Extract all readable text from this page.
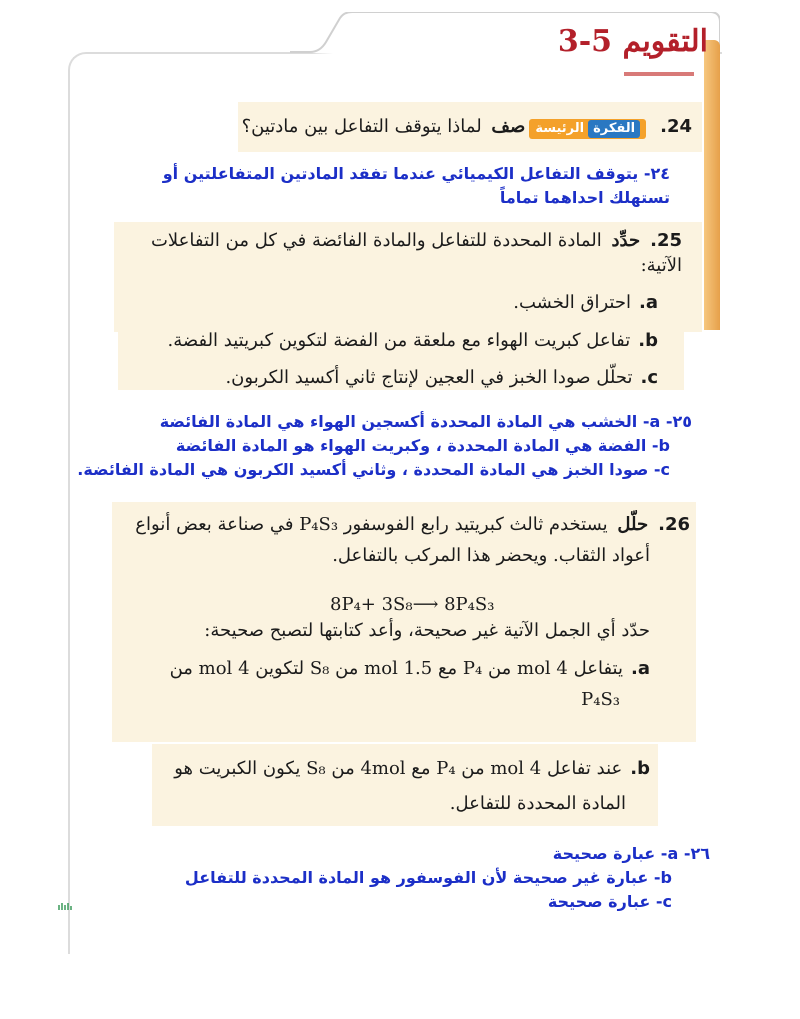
التقويم 5-3
24.الفكرةالرئيسةصف لماذا يتوقف التفاعل بين مادتين؟
٢٤- يتوقف التفاعل الكيميائي عندما تفقد المادتين المتفاعلتين أو
تستهلك احداهما تماماً
25.حدِّد المادة المحددة للتفاعل والمادة الفائضة في كل من التفاعلات الآتية:
a.احتراق الخشب.
b.تفاعل كبريت الهواء مع ملعقة من الفضة لتكوين كبريتيد الفضة.
c.تحلّل صودا الخبز في العجين لإنتاج ثاني أكسيد الكربون.
٢٥- a- الخشب هي المادة المحددة أكسجين الهواء هي المادة الفائضة
b- الفضة هي المادة المحددة ، وكبريت الهواء هو المادة الفائضة
c- صودا الخبز هي المادة المحددة ، وثاني أكسيد الكربون هي المادة الفائضة.
26.حلّل يستخدم ثالث كبريتيد رابع الفوسفور P₄S₃ في صناعة بعض أنواع
أعواد الثقاب. ويحضر هذا المركب بالتفاعل.
حدّد أي الجمل الآتية غير صحيحة، وأعد كتابتها لتصبح صحيحة:
a.يتفاعل 4 mol من P₄ مع 1.5 mol من S₈ لتكوين 4 mol من
P₄S₃
8P₄+ 3S₈⟶ 8P₄S₃
b.عند تفاعل 4 mol من P₄ مع 4mol من S₈ يكون الكبريت هو
المادة المحددة للتفاعل.
٢٦- a- عبارة صحيحة
b- عبارة غير صحيحة لأن الفوسفور هو المادة المحددة للتفاعل
c- عبارة صحيحة
